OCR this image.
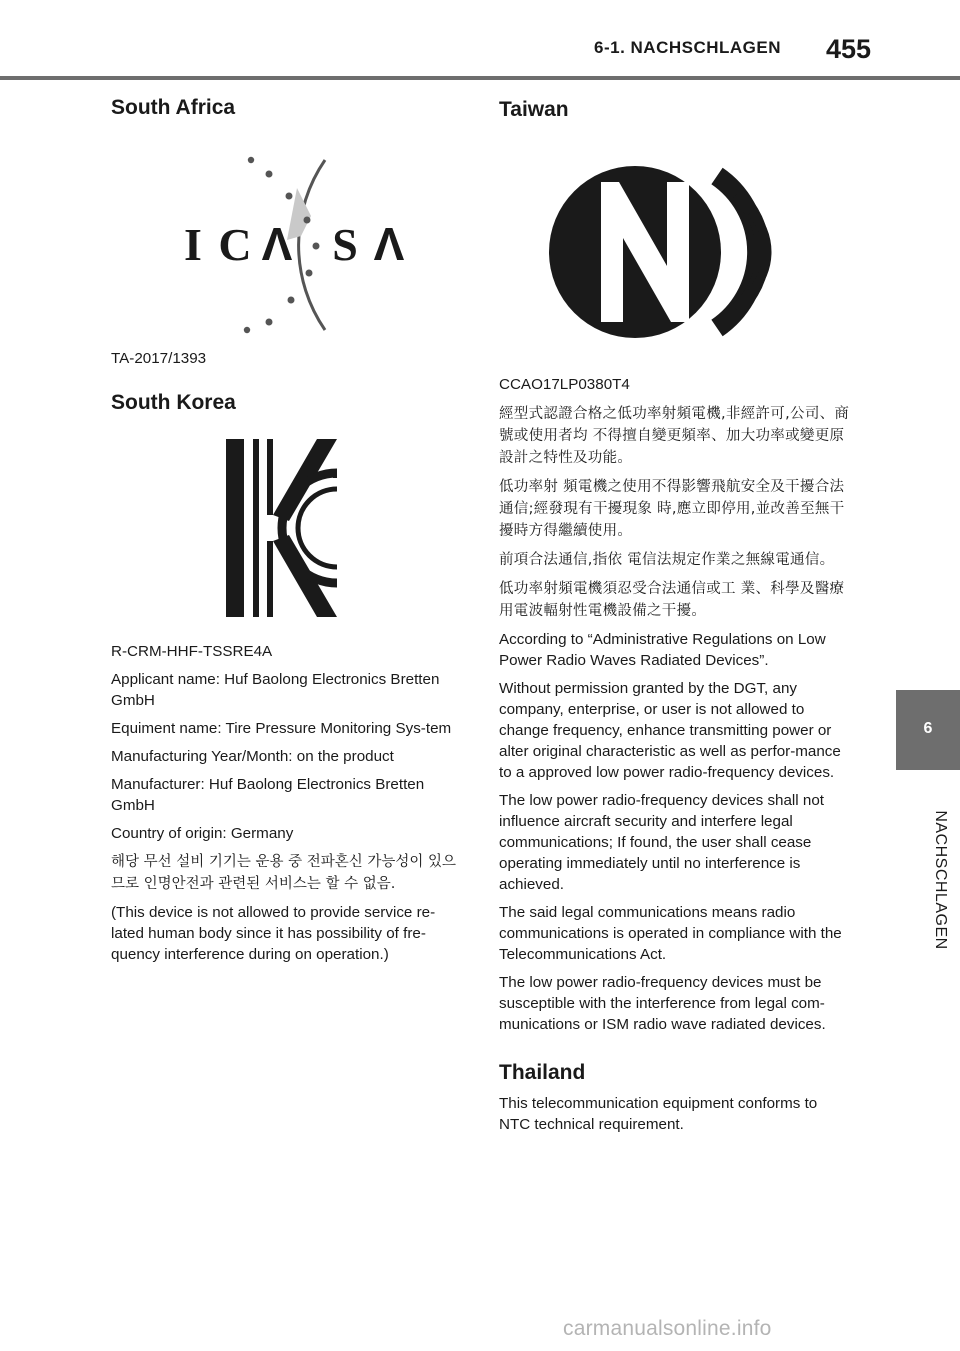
6-1. NACHSCHLAGEN 455
South Africa
I C Λ S Λ

TA-2017/1393

South Korea

R-CRM-HHF-TSSRE4A

Applicant name: Huf Baolong Electronics Bretten GmbH

Equiment name: Tire Pressure Monitoring Sys-tem

Manufacturing Year/Month: on the product

Manufacturer: Huf Baolong Electronics Bretten GmbH

Country of origin: Germany

해당 무선 설비 기기는 운용 중 전파혼신 가능성이 있으므로 인명안전과 관련된 서비스는 할 수 없음.

(This device is not allowed to provide service re-lated human body since it has possibility of fre-quency interference during on operation.)

Taiwan

CCAO17LP0380T4

經型式認證合格之低功率射頻電機,非經許可,公司、商號或使用者均 不得擅自變更頻率、加大功率或變更原設計之特性及功能。

低功率射 頻電機之使用不得影響飛航安全及干擾合法通信;經發現有干擾現象 時,應立即停用,並改善至無干擾時方得繼續使用。

前項合法通信,指依 電信法規定作業之無線電通信。

低功率射頻電機須忍受合法通信或工 業、科學及醫療用電波輻射性電機設備之干擾。

According to “Administrative Regulations on Low Power Radio Waves Radiated Devices”.

Without permission granted by the DGT, any company, enterprise, or user is not allowed to change frequency, enhance transmitting power or alter original characteristic as well as perfor-mance to a approved low power radio-frequency devices.

The low power radio-frequency devices shall not influence aircraft security and interfere legal communications; If found, the user shall cease operating immediately until no interference is achieved.

The said legal communications means radio communications is operated in compliance with the Telecommunications Act.

The low power radio-frequency devices must be susceptible with the interference from legal com-munications or ISM radio wave radiated devices.

Thailand

This telecommunication equipment conforms to NTC technical requirement.

6
NACHSCHLAGEN
carmanualsonline.info
